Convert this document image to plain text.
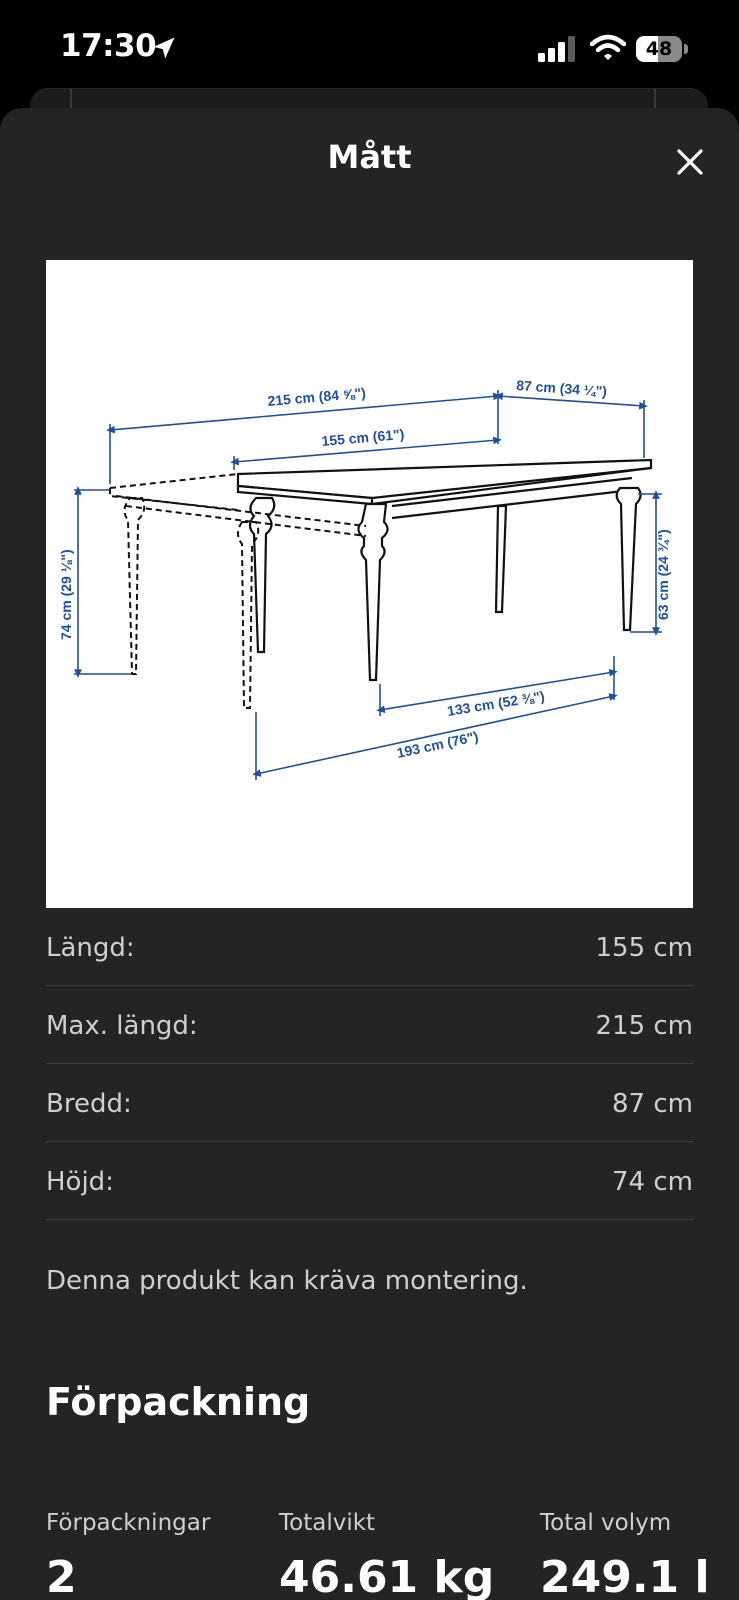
17:30	48
Mått
215 cm (84 ⅝")	87 cm (34 ¼")
155 cm (61")
74 cm (29 ⅛")	63 cm (24 ¾")
133 cm (52 ⅜")
193 cm (76")
Längd:	155 cm
Max. längd:	215 cm
Bredd:	87 cm
Höjd:	74 cm
Denna produkt kan kräva montering.
Förpackning
Förpackningar
2
Totalvikt
46.61 kg
Total volym
249.1 l
